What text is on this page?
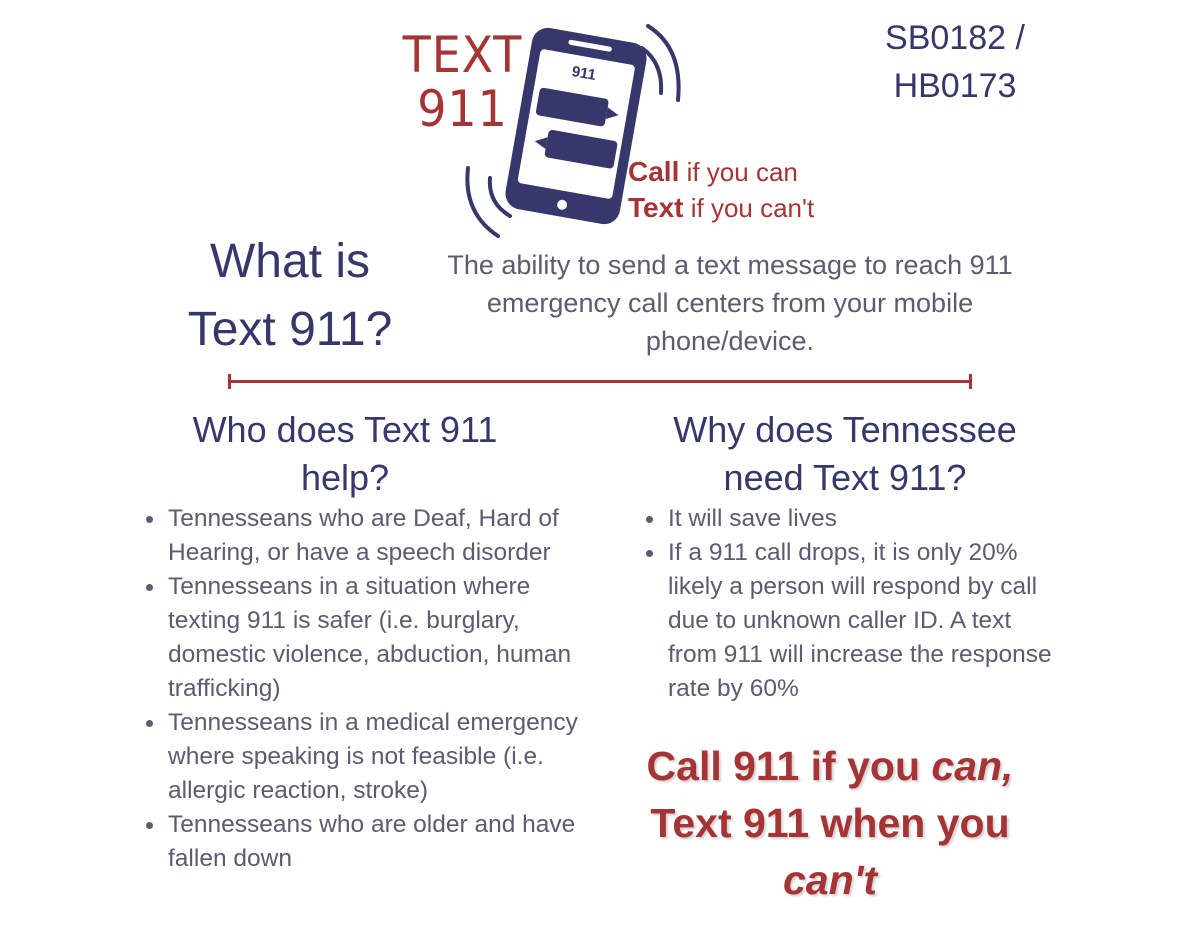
TEXT
911
911
Call if you can
Text if you can't
SB0182 /
HB0173
What is
Text 911?
The ability to send a text message to reach 911 emergency call centers from your mobile phone/device.
Who does Text 911
help?
Tennesseans who are Deaf, Hard of Hearing, or have a speech disorder
Tennesseans in a situation where texting 911 is safer (i.e. burglary, domestic violence, abduction, human trafficking)
Tennesseans in a medical emergency where speaking is not feasible (i.e. allergic reaction, stroke)
Tennesseans who are older and have fallen down
Why does Tennessee
need Text 911?
It will save lives
If a 911 call drops, it is only 20% likely a person will respond by call due to unknown caller ID. A text from 911 will increase the response rate by 60%
Call 911 if you can,
Text 911 when you
can't
